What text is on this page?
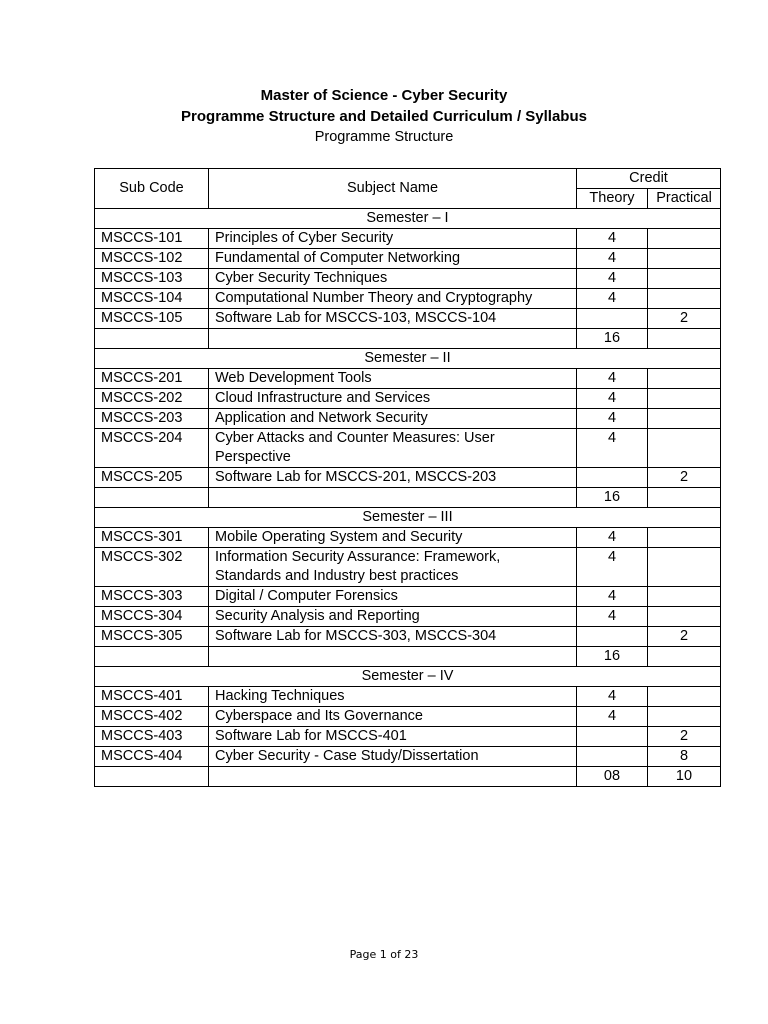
Master of Science - Cyber Security
Programme Structure and Detailed Curriculum / Syllabus
Programme Structure
Sub Code	Subject Name	Credit	
		Theory	Practical
Semester – I			
MSCCS-101	Principles of Cyber Security	4	
MSCCS-102	Fundamental of Computer Networking	4	
MSCCS-103	Cyber Security Techniques	4	
MSCCS-104	Computational Number Theory and Cryptography	4	
MSCCS-105	Software Lab for MSCCS-103, MSCCS-104		2
		16	
Semester – II			
MSCCS-201	Web Development Tools	4	
MSCCS-202	Cloud Infrastructure and Services	4	
MSCCS-203	Application and Network Security	4	
MSCCS-204	Cyber Attacks and Counter Measures: User Perspective	4	
MSCCS-205	Software Lab for MSCCS-201, MSCCS-203		2
		16	
Semester – III			
MSCCS-301	Mobile Operating System and Security	4	
MSCCS-302	Information Security Assurance: Framework, Standards and Industry best practices	4	
MSCCS-303	Digital / Computer Forensics	4	
MSCCS-304	Security Analysis and Reporting	4	
MSCCS-305	Software Lab for MSCCS-303, MSCCS-304		2
		16	
Semester – IV			
MSCCS-401	Hacking Techniques	4	
MSCCS-402	Cyberspace and Its Governance	4	
MSCCS-403	Software Lab for MSCCS-401		2
MSCCS-404	Cyber Security - Case Study/Dissertation		8
		08	10
Page 1 of 23
